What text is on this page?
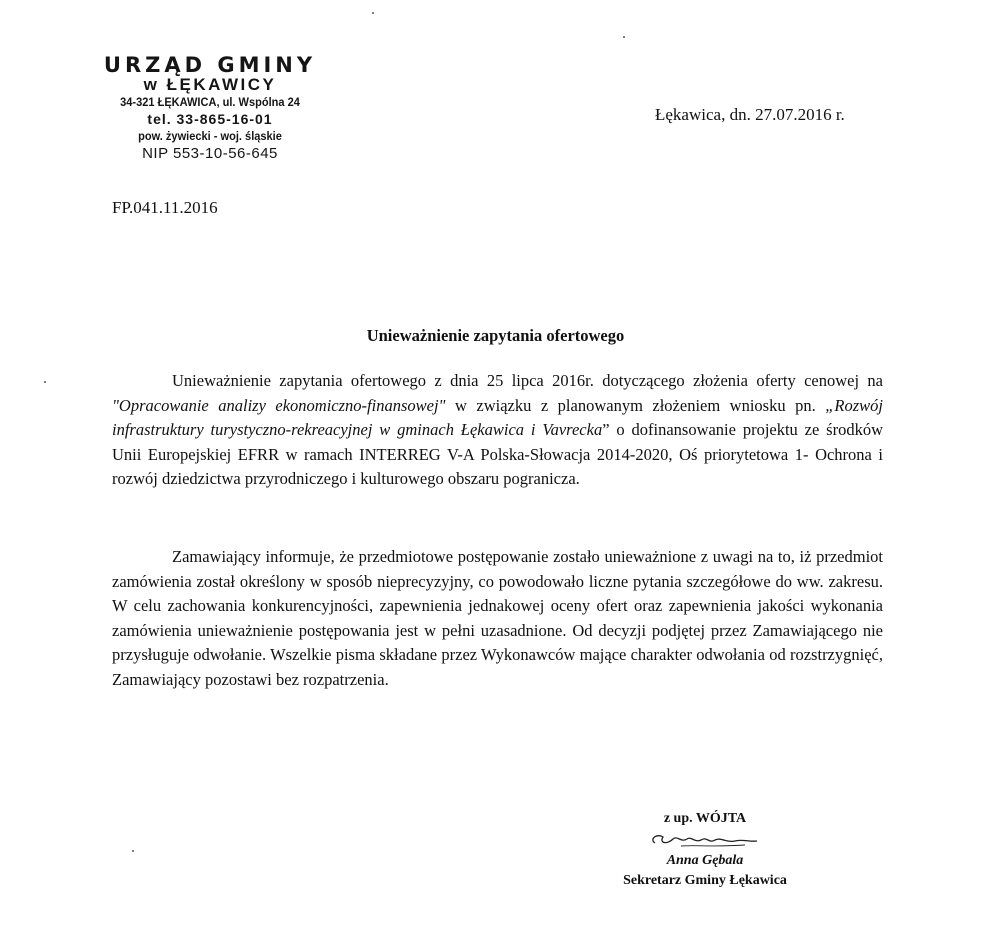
URZĄD GMINY
w ŁĘKAWICY
34-321 ŁĘKAWICA, ul. Wspólna 24
tel. 33-865-16-01
pow. żywiecki - woj. śląskie
NIP 553-10-56-645
Łękawica, dn. 27.07.2016 r.
FP.041.11.2016
Unieważnienie zapytania ofertowego
Unieważnienie zapytania ofertowego z dnia 25 lipca 2016r. dotyczącego złożenia oferty cenowej na "Opracowanie analizy ekonomiczno-finansowej" w związku z planowanym złożeniem wniosku pn. „Rozwój infrastruktury turystyczno-rekreacyjnej w gminach Łękawica i Vavrecka” o dofinansowanie projektu ze środków Unii Europejskiej EFRR w ramach INTERREG V-A Polska-Słowacja 2014-2020, Oś priorytetowa 1- Ochrona i rozwój dziedzictwa przyrodniczego i kulturowego obszaru pogranicza.
Zamawiający informuje, że przedmiotowe postępowanie zostało unieważnione z uwagi na to, iż przedmiot zamówienia został określony w sposób nieprecyzyjny, co powodowało liczne pytania szczegółowe do ww. zakresu. W celu zachowania konkurencyjności, zapewnienia jednakowej oceny ofert oraz zapewnienia jakości wykonania zamówienia unieważnienie postępowania jest w pełni uzasadnione. Od decyzji podjętej przez Zamawiającego nie przysługuje odwołanie. Wszelkie pisma składane przez Wykonawców mające charakter odwołania od rozstrzygnięć, Zamawiający pozostawi bez rozpatrzenia.
z up. WÓJTA
Anna Gębala
Sekretarz Gminy Łękawica
